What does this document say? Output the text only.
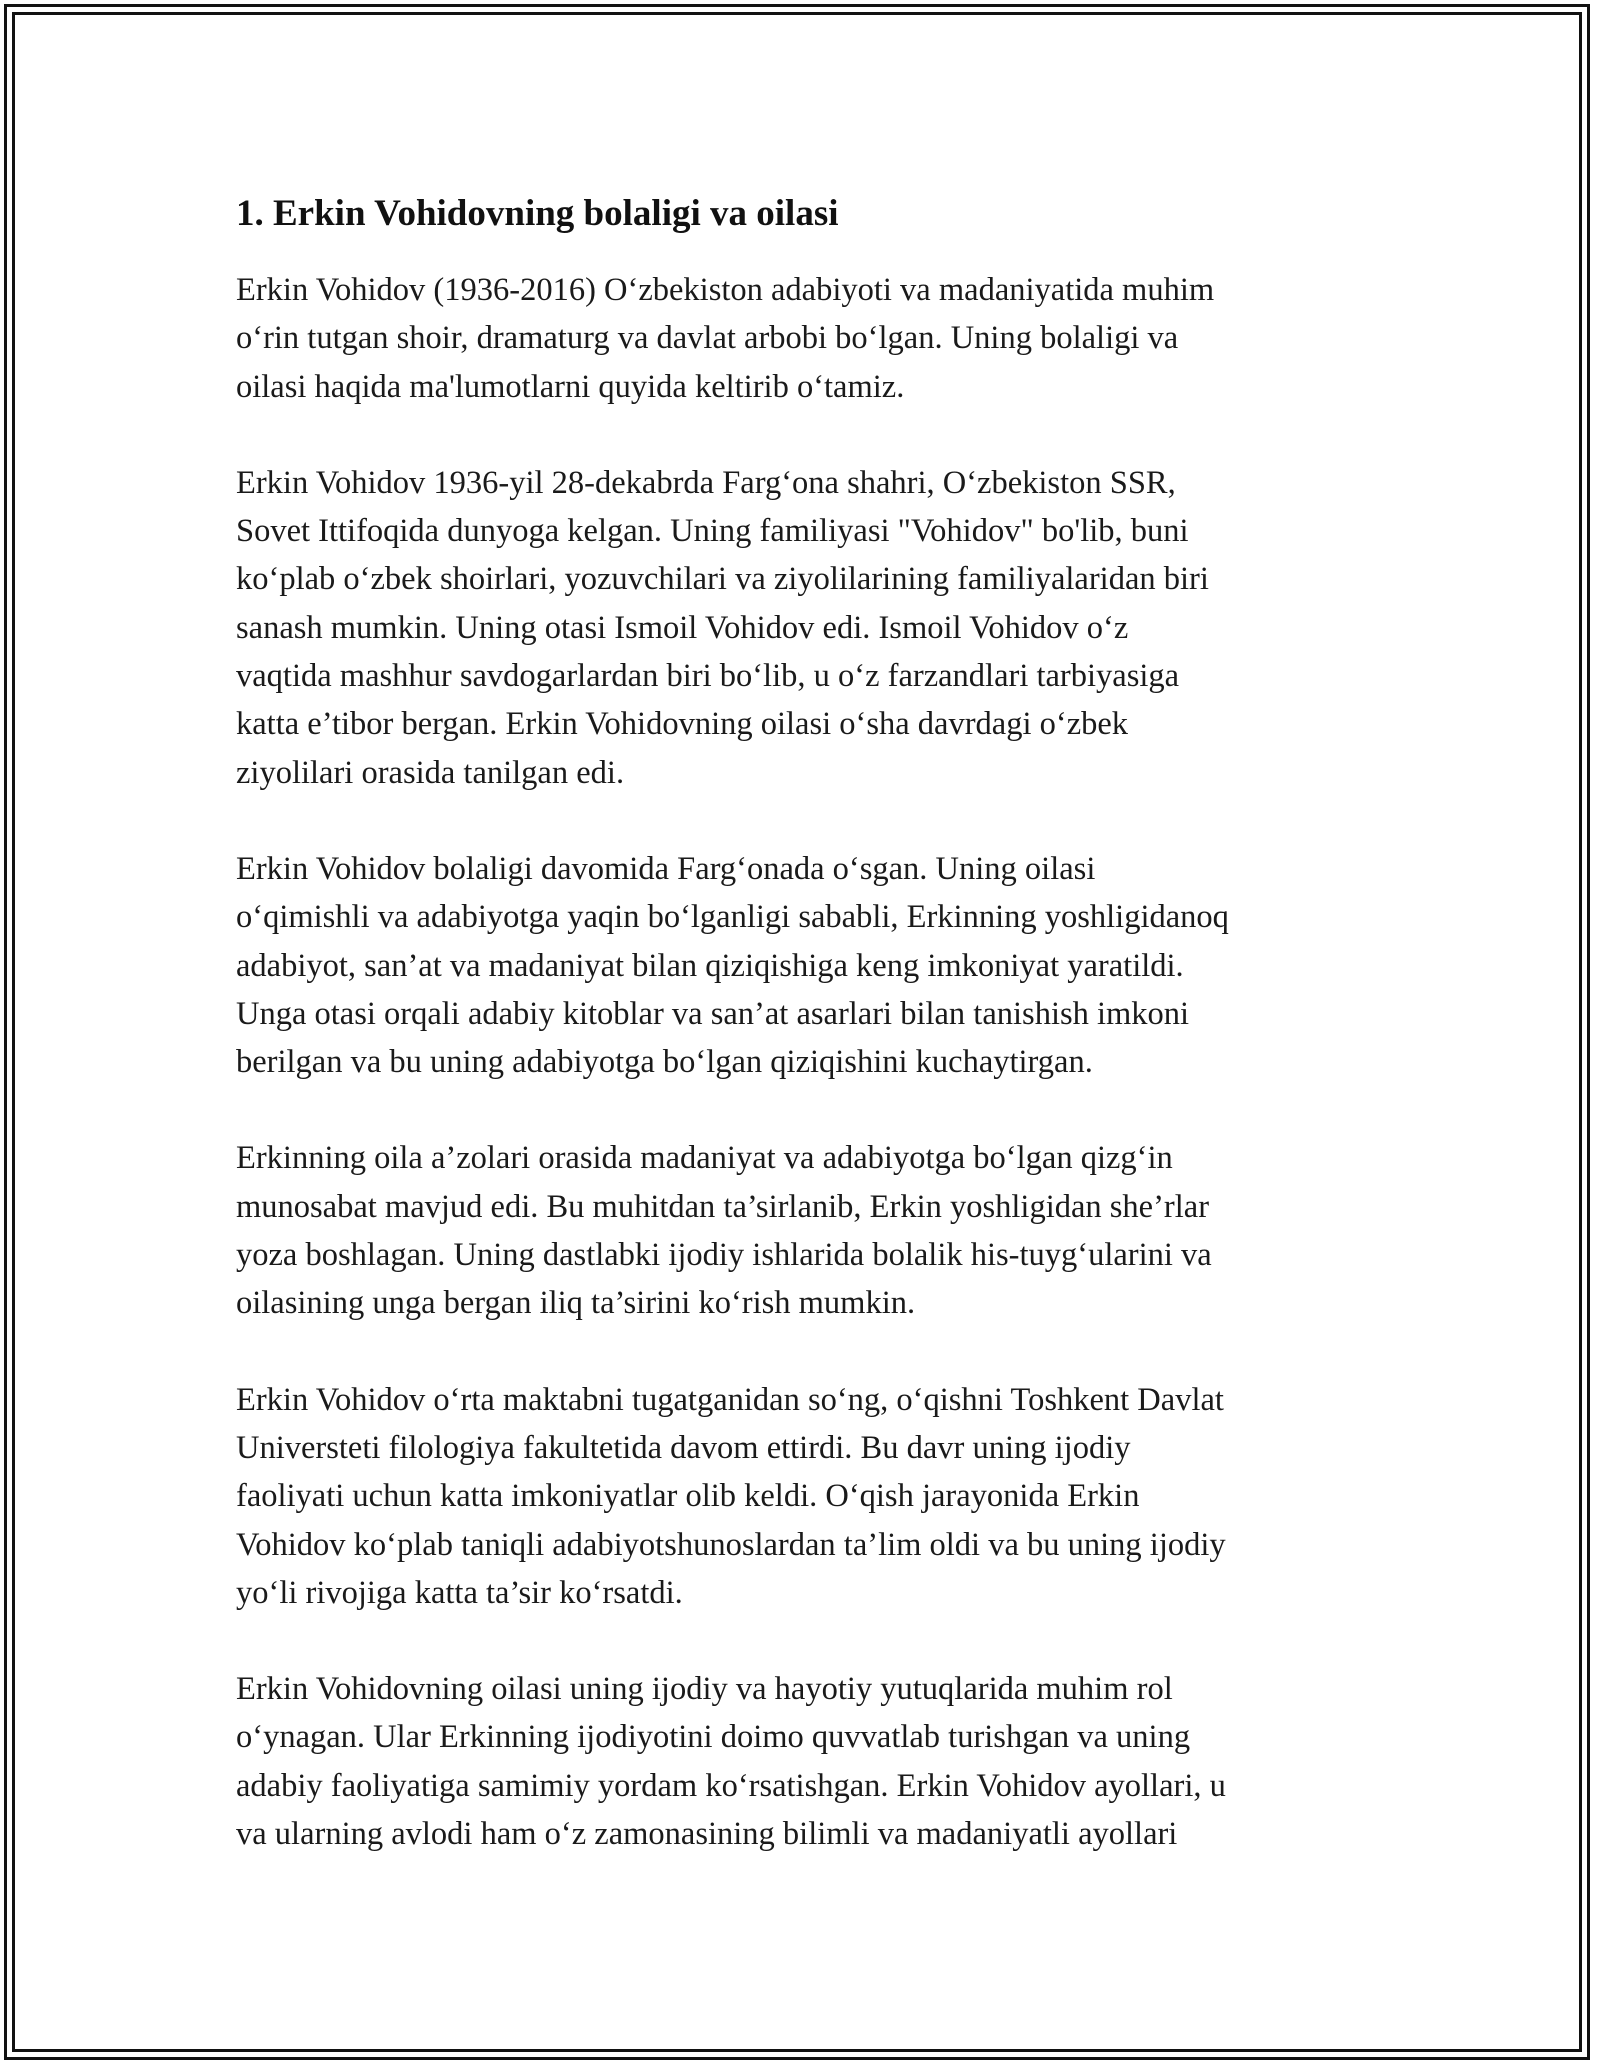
1. Erkin Vohidovning bolaligi va oilasi

Erkin Vohidov (1936-2016) O‘zbekiston adabiyoti va madaniyatida muhim
o‘rin tutgan shoir, dramaturg va davlat arbobi bo‘lgan. Uning bolaligi va
oilasi haqida ma'lumotlarni quyida keltirib o‘tamiz.

Erkin Vohidov 1936-yil 28-dekabrda Farg‘ona shahri, O‘zbekiston SSR,
Sovet Ittifoqida dunyoga kelgan. Uning familiyasi "Vohidov" bo'lib, buni
ko‘plab o‘zbek shoirlari, yozuvchilari va ziyolilarining familiyalaridan biri
sanash mumkin. Uning otasi Ismoil Vohidov edi. Ismoil Vohidov o‘z
vaqtida mashhur savdogarlardan biri bo‘lib, u o‘z farzandlari tarbiyasiga
katta e’tibor bergan. Erkin Vohidovning oilasi o‘sha davrdagi o‘zbek
ziyolilari orasida tanilgan edi.

Erkin Vohidov bolaligi davomida Farg‘onada o‘sgan. Uning oilasi
o‘qimishli va adabiyotga yaqin bo‘lganligi sababli, Erkinning yoshligidanoq
adabiyot, san’at va madaniyat bilan qiziqishiga keng imkoniyat yaratildi.
Unga otasi orqali adabiy kitoblar va san’at asarlari bilan tanishish imkoni
berilgan va bu uning adabiyotga bo‘lgan qiziqishini kuchaytirgan.

Erkinning oila a’zolari orasida madaniyat va adabiyotga bo‘lgan qizg‘in
munosabat mavjud edi. Bu muhitdan ta’sirlanib, Erkin yoshligidan she’rlar
yoza boshlagan. Uning dastlabki ijodiy ishlarida bolalik his-tuyg‘ularini va
oilasining unga bergan iliq ta’sirini ko‘rish mumkin.

Erkin Vohidov o‘rta maktabni tugatganidan so‘ng, o‘qishni Toshkent Davlat
Universteti filologiya fakultetida davom ettirdi. Bu davr uning ijodiy
faoliyati uchun katta imkoniyatlar olib keldi. O‘qish jarayonida Erkin
Vohidov ko‘plab taniqli adabiyotshunoslardan ta’lim oldi va bu uning ijodiy
yo‘li rivojiga katta ta’sir ko‘rsatdi.

Erkin Vohidovning oilasi uning ijodiy va hayotiy yutuqlarida muhim rol
o‘ynagan. Ular Erkinning ijodiyotini doimo quvvatlab turishgan va uning
adabiy faoliyatiga samimiy yordam ko‘rsatishgan. Erkin Vohidov ayollari, u
va ularning avlodi ham o‘z zamonasining bilimli va madaniyatli ayollari
